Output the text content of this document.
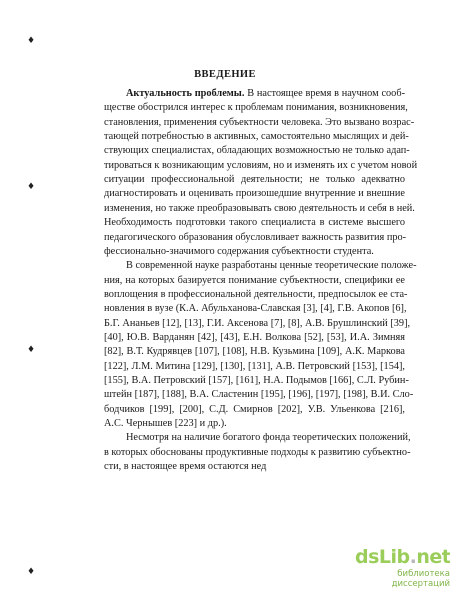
♦
♦
♦
♦
ВВЕДЕНИЕ
Актуальность проблемы. В настоящее время в научном сооб-
ществе обострился интерес к проблемам понимания, возникновения,
становления, применения субъектности человека. Это вызвано возрас-
тающей потребностью в активных, самостоятельно мыслящих и дей-
ствующих специалистах, обладающих возможностью не только адап-
тироваться к возникающим условиям, но и изменять их с учетом новой
ситуации профессиональной деятельности; не только адекватно
диагностировать и оценивать произошедшие внутренние и внешние
изменения, но также преобразовывать свою деятельность и себя в ней.
Необходимость подготовки такого специалиста в системе высшего
педагогического образования обусловливает важность развития про-
фессионально-значимого содержания субъектности студента.
В современной науке разработаны ценные теоретические положе-
ния, на которых базируется понимание субъектности, специфики ее
воплощения в профессиональной деятельности, предпосылок ее ста-
новления в вузе (К.А. Абульханова-Славская [3], [4], Г.В. Акопов [6],
Б.Г. Ананьев [12], [13], Г.И. Аксенова [7], [8], А.В. Брушлинский [39],
[40], Ю.В. Варданян [42], [43], Е.Н. Волкова [52], [53], И.А. Зимняя
[82], В.Т. Кудрявцев [107], [108], Н.В. Кузьмина [109], А.К. Маркова
[122], Л.М. Митина [129], [130], [131], А.В. Петровский [153], [154],
[155], В.А. Петровский [157], [161], Н.А. Подымов [166], С.Л. Рубин-
штейн [187], [188], В.А. Сластенин [195], [196], [197], [198], В.И. Сло-
бодчиков [199], [200], С.Д. Смирнов [202], У.В. Ульенкова [216],
А.С. Чернышев [223] и др.).
Несмотря на наличие богатого фонда теоретических положений,
в которых обоснованы продуктивные подходы к развитию субъектно-
сти, в настоящее время остаются нед
dsLib.net
библиотека диссертаций
